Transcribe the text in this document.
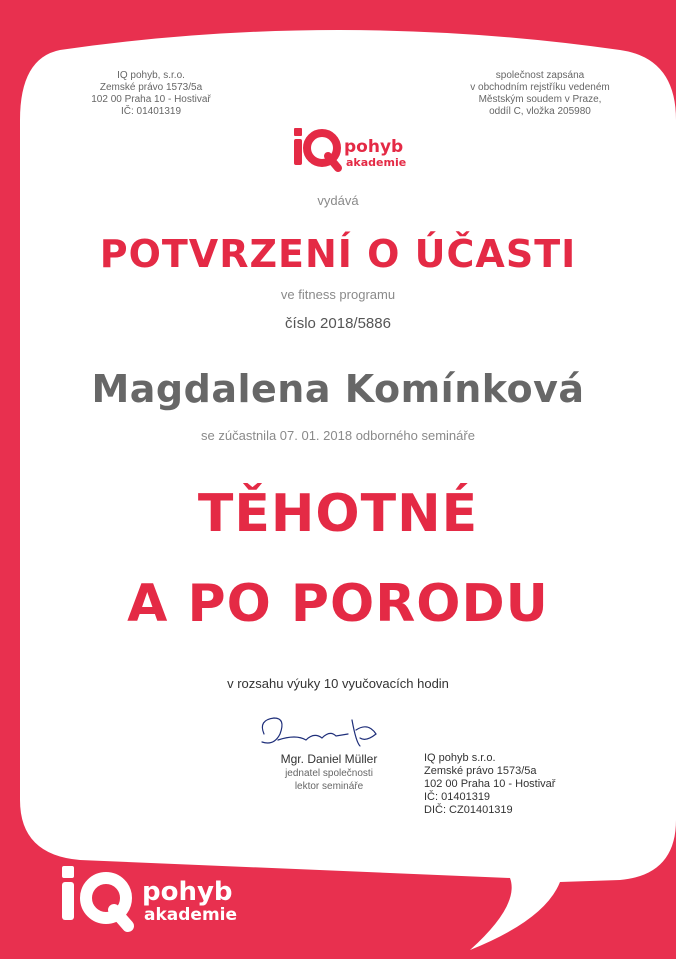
IQ pohyb, s.r.o.
Zemské právo 1573/5a
102 00 Praha 10 - Hostivař
IČ: 01401319
společnost zapsána
v obchodním rejstříku vedeném
Městským soudem v Praze,
oddíl C, vložka 205980
pohyb
akademie
vydává
POTVRZENÍ O ÚČASTI
ve fitness programu
číslo 2018/5886
Magdalena Komínková
se zúčastnila 07. 01. 2018 odborného semináře
TĚHOTNÉ
A PO PORODU
v rozsahu výuky 10 vyučovacích hodin
Mgr. Daniel Müller
jednatel společnosti
lektor semináře
IQ pohyb s.r.o.
Zemské právo 1573/5a
102 00 Praha 10 - Hostivař
IČ: 01401319
DIČ: CZ01401319
pohyb
akademie
